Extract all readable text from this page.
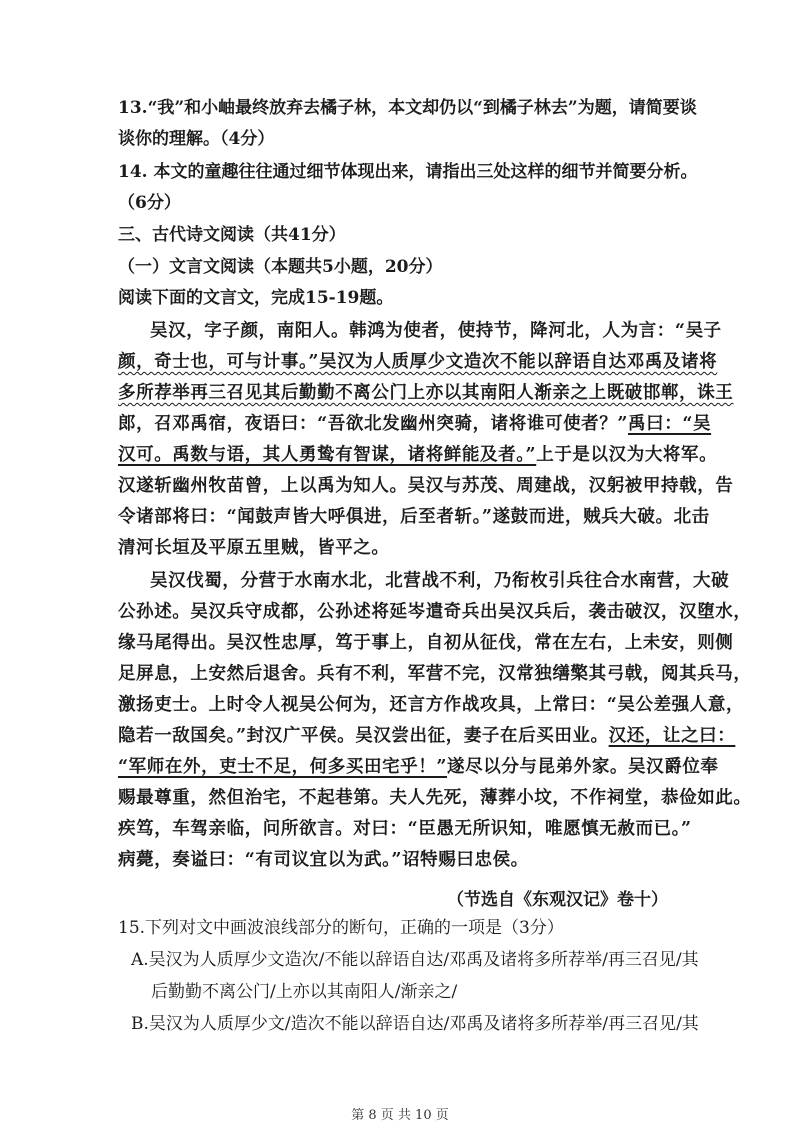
13.“我”和小岫最终放弃去橘子林，本文却仍以“到橘子林去”为题，请简要谈
谈你的理解。（4分）
14. 本文的童趣往往通过细节体现出来，请指出三处这样的细节并简要分析。
（6分）
三、古代诗文阅读（共41分）
（一）文言文阅读（本题共5小题，20分）
阅读下面的文言文，完成15-19题。
吴汉，字子颜，南阳人。韩鸿为使者，使持节，降河北，人为言：“吴子
颜，奇士也，可与计事。”吴汉为人质厚少文造次不能以辞语自达邓禹及诸将
多所荐举再三召见其后勤勤不离公门上亦以其南阳人渐亲之上既破邯郸，诛王
郎，召邓禹宿，夜语曰：“吾欲北发幽州突骑，诸将谁可使者？”禹曰：“吴
汉可。禹数与语，其人勇鸷有智谋，诸将鲜能及者。”上于是以汉为大将军。
汉遂斩幽州牧苗曾，上以禹为知人。吴汉与苏茂、周建战，汉躬被甲持戟，告
令诸部将曰：“闻鼓声皆大呼俱进，后至者斩。”遂鼓而进，贼兵大破。北击
清河长垣及平原五里贼，皆平之。
吴汉伐蜀，分营于水南水北，北营战不利，乃衔枚引兵往合水南营，大破
公孙述。吴汉兵守成都，公孙述将延岑遣奇兵出吴汉兵后，袭击破汉，汉堕水，
缘马尾得出。吴汉性忠厚，笃于事上，自初从征伐，常在左右，上未安，则侧
足屏息，上安然后退舍。兵有不利，军营不完，汉常独缮檠其弓戟，阅其兵马，
激扬吏士。上时令人视吴公何为，还言方作战攻具，上常曰：“吴公差强人意，
隐若一敌国矣。”封汉广平侯。吴汉尝出征，妻子在后买田业。汉还，让之曰：
“军师在外，吏士不足，何多买田宅乎！”遂尽以分与昆弟外家。吴汉爵位奉
赐最尊重，然但治宅，不起巷第。夫人先死，薄葬小坟，不作祠堂，恭俭如此。
疾笃，车驾亲临，问所欲言。对曰：“臣愚无所识知，唯愿慎无赦而已。”
病薨，奏谥曰：“有司议宜以为武。”诏特赐曰忠侯。
（节选自《东观汉记》卷十）
15.下列对文中画波浪线部分的断句，正确的一项是（3分）
A.吴汉为人质厚少文造次/不能以辞语自达/邓禹及诸将多所荐举/再三召见/其
后勤勤不离公门/上亦以其南阳人/渐亲之/
B.吴汉为人质厚少文/造次不能以辞语自达/邓禹及诸将多所荐举/再三召见/其
第 8 页 共 10 页
